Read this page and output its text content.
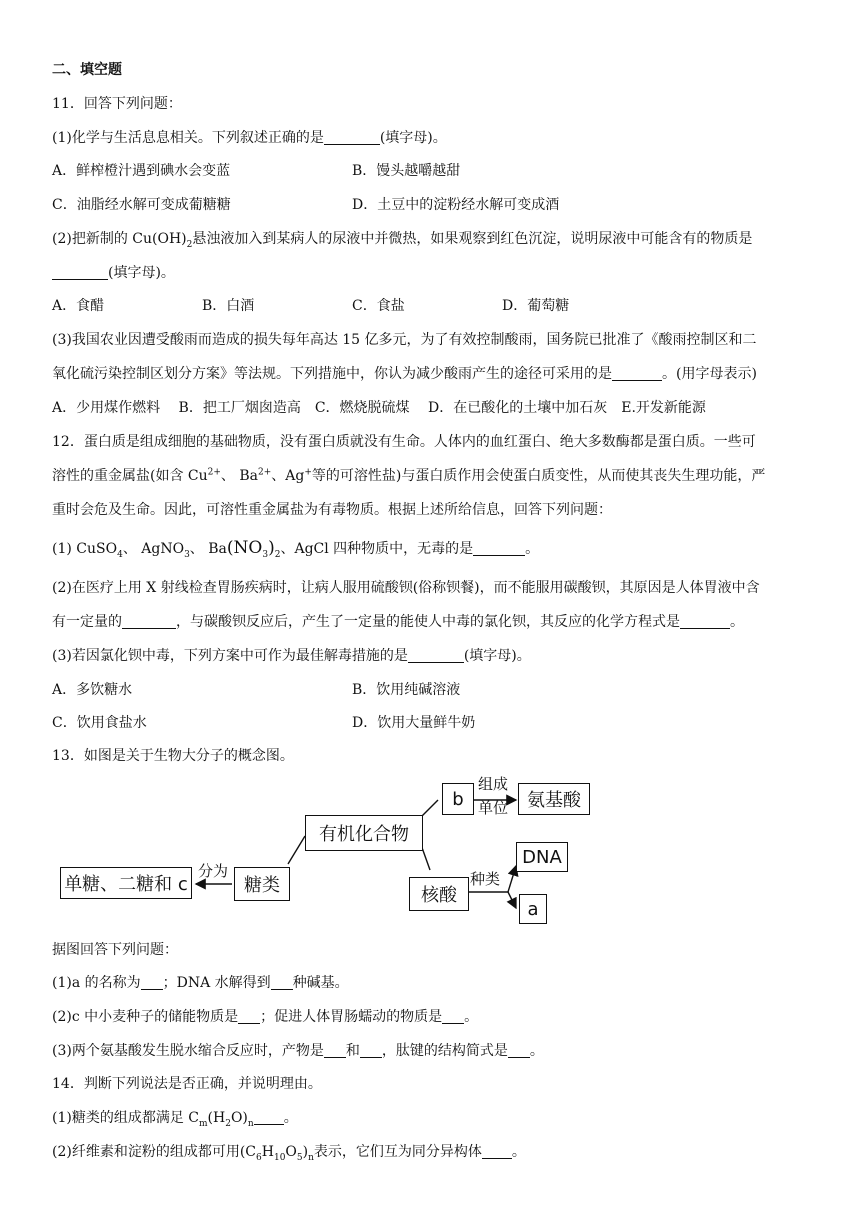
二、填空题
11．回答下列问题：
(1)化学与生活息息相关。下列叙述正确的是	(填字母)。
A．鲜榨橙汁遇到碘水会变蓝	B．馒头越嚼越甜
C．油脂经水解可变成葡糖糖	D．土豆中的淀粉经水解可变成酒
(2)把新制的 $Cu(OH)_2$悬浊液加入到某病人的尿液中并微热，如果观察到红色沉淀，说明尿液中可能含有的物质是
(填字母)。
A．食醋	B．白酒	C．食盐	D．葡萄糖
(3)我国农业因遭受酸雨而造成的损失每年高达 15 亿多元，为了有效控制酸雨，国务院已批准了《酸雨控制区和二
氧化硫污染控制区划分方案》等法规。下列措施中，你认为减少酸雨产生的途径可采用的是	。(用字母表示)
A．少用煤作燃料　 B．把工厂烟囱造高　C．燃烧脱硫煤　 D．在已酸化的土壤中加石灰　E.开发新能源
12．蛋白质是组成细胞的基础物质，没有蛋白质就没有生命。人体内的血红蛋白、绝大多数酶都是蛋白质。一些可
溶性的重金属盐(如含 $Cu^{2+}$、 $Ba^{2+}$、Ag+等的可溶性盐)与蛋白质作用会使蛋白质变性，从而使其丧失生理功能，严
重时会危及生命。因此，可溶性重金属盐为有毒物质。根据上述所给信息，回答下列问题：
(1) CuSO$_4$、 AgNO$_3$、 $Ba(NO_3)_2$、AgCl 四种物质中，无毒的是	。
(2)在医疗上用 X 射线检查胃肠疾病时，让病人服用硫酸钡(俗称钡餐)，而不能服用碳酸钡，其原因是人体胃液中含
有一定量的	，与碳酸钡反应后，产生了一定量的能使人中毒的氯化钡，其反应的化学方程式是	。
(3)若因氯化钡中毒，下列方案中可作为最佳解毒措施的是	(填字母)。
A．多饮糖水	B．饮用纯碱溶液
C．饮用食盐水	D．饮用大量鲜牛奶
13．如图是关于生物大分子的概念图。
有机化合物
b
组成
单位	氨基酸
单糖、二糖和 c
分为
糖类	核酸
种类
DNA
a
据图回答下列问题：
(1)a 的名称为 ；DNA 水解得到 种碱基。
(2)c 中小麦种子的储能物质是 ；促进人体胃肠蠕动的物质是 。
(3)两个氨基酸发生脱水缩合反应时，产物是 和 ，肽键的结构简式是 。
14．判断下列说法是否正确，并说明理由。
(1)糖类的组成都满足 $C_m(H_2O)_n$ 。
(2)纤维素和淀粉的组成都可用$(C_6H_{10}O_5)_n$表示，它们互为同分异构体 。
